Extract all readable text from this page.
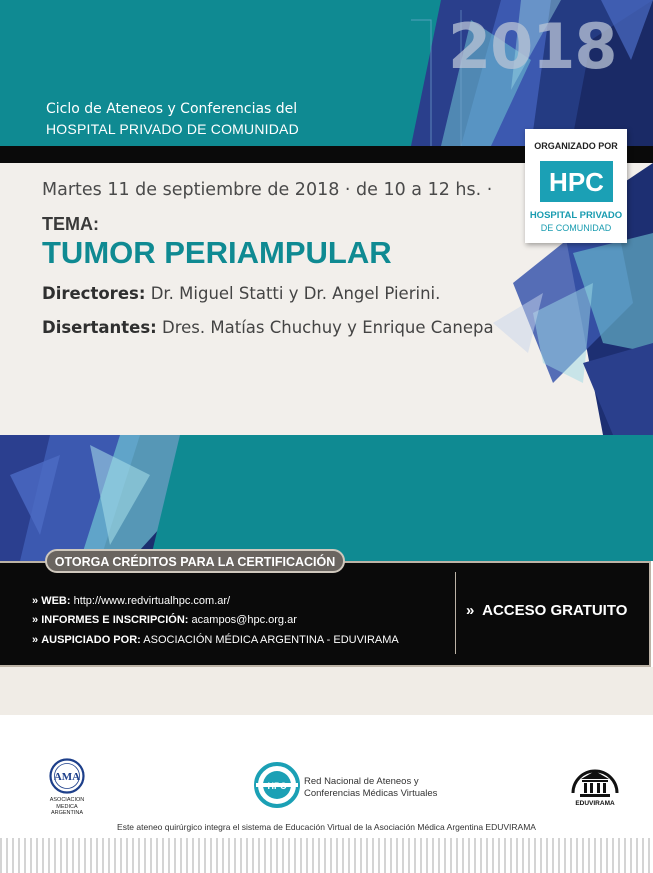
2018
Ciclo de Ateneos y Conferencias del
HOSPITAL PRIVADO DE COMUNIDAD
Martes 11 de septiembre de 2018 · de 10 a 12 hs. ·
TEMA:
TUMOR PERIAMPULAR
Directores: Dr. Miguel Statti y Dr. Angel Pierini.
Disertantes: Dres. Matías Chuchuy y Enrique Canepa
ORGANIZADO POR
HPC
HOSPITAL PRIVADO
DE COMUNIDAD
OTORGA CRÉDITOS PARA LA CERTIFICACIÓN
» WEB: http://www.redvirtualhpc.com.ar/
» INFORMES E INSCRIPCIÓN: acampos@hpc.org.ar
» AUSPICIADO POR: ASOCIACIÓN MÉDICA ARGENTINA - EDUVIRAMA
» ACCESO GRATUITO
AMA
ASOCIACION
MEDICA
ARGENTINA
HPC Red Nacional de Ateneos y
Conferencias Médicas Virtuales
EDUVIRAMA
Este ateneo quirúrgico integra el sistema de Educación Virtual de la Asociación Médica Argentina EDUVIRAMA
